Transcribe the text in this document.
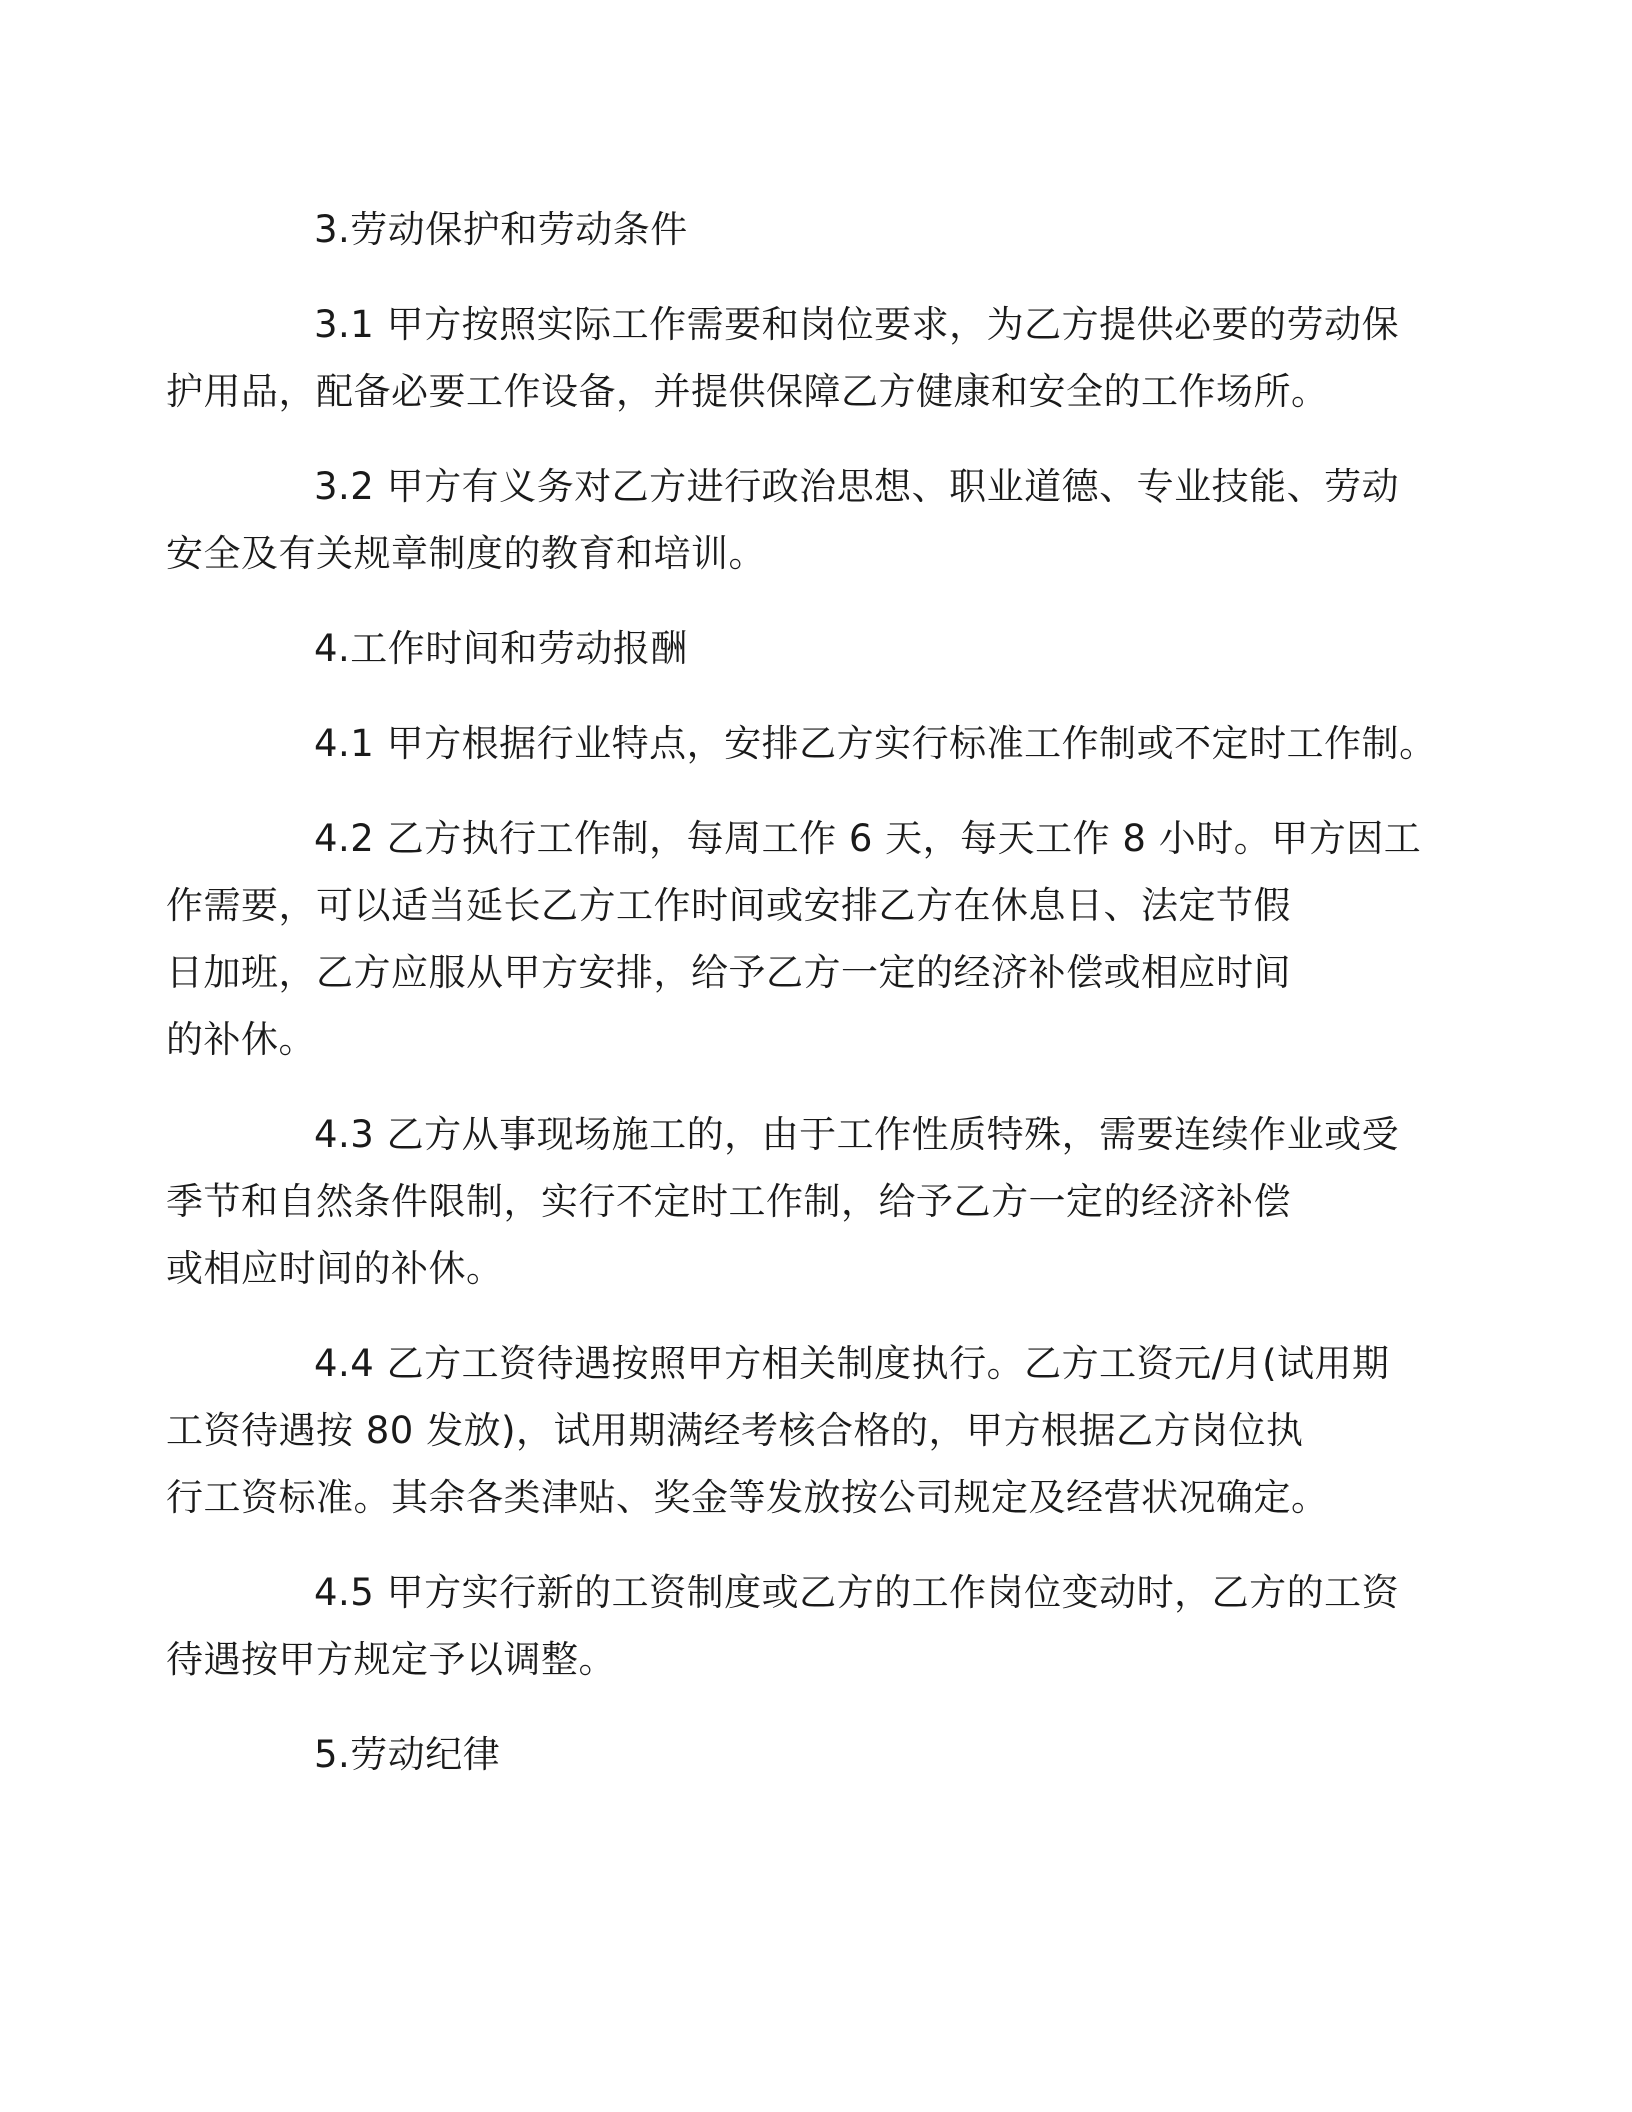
3.劳动保护和劳动条件
3.1 甲方按照实际工作需要和岗位要求，为乙方提供必要的劳动保
护用品，配备必要工作设备，并提供保障乙方健康和安全的工作场所。
3.2 甲方有义务对乙方进行政治思想、职业道德、专业技能、劳动
安全及有关规章制度的教育和培训。
4.工作时间和劳动报酬
4.1 甲方根据行业特点，安排乙方实行标准工作制或不定时工作制。
4.2 乙方执行工作制，每周工作 6 天，每天工作 8 小时。甲方因工
作需要，可以适当延长乙方工作时间或安排乙方在休息日、法定节假
日加班，乙方应服从甲方安排，给予乙方一定的经济补偿或相应时间
的补休。
4.3 乙方从事现场施工的，由于工作性质特殊，需要连续作业或受
季节和自然条件限制，实行不定时工作制，给予乙方一定的经济补偿
或相应时间的补休。
4.4 乙方工资待遇按照甲方相关制度执行。乙方工资元/月(试用期
工资待遇按 80 发放)，试用期满经考核合格的，甲方根据乙方岗位执
行工资标准。其余各类津贴、奖金等发放按公司规定及经营状况确定。
4.5 甲方实行新的工资制度或乙方的工作岗位变动时，乙方的工资
待遇按甲方规定予以调整。
5.劳动纪律
